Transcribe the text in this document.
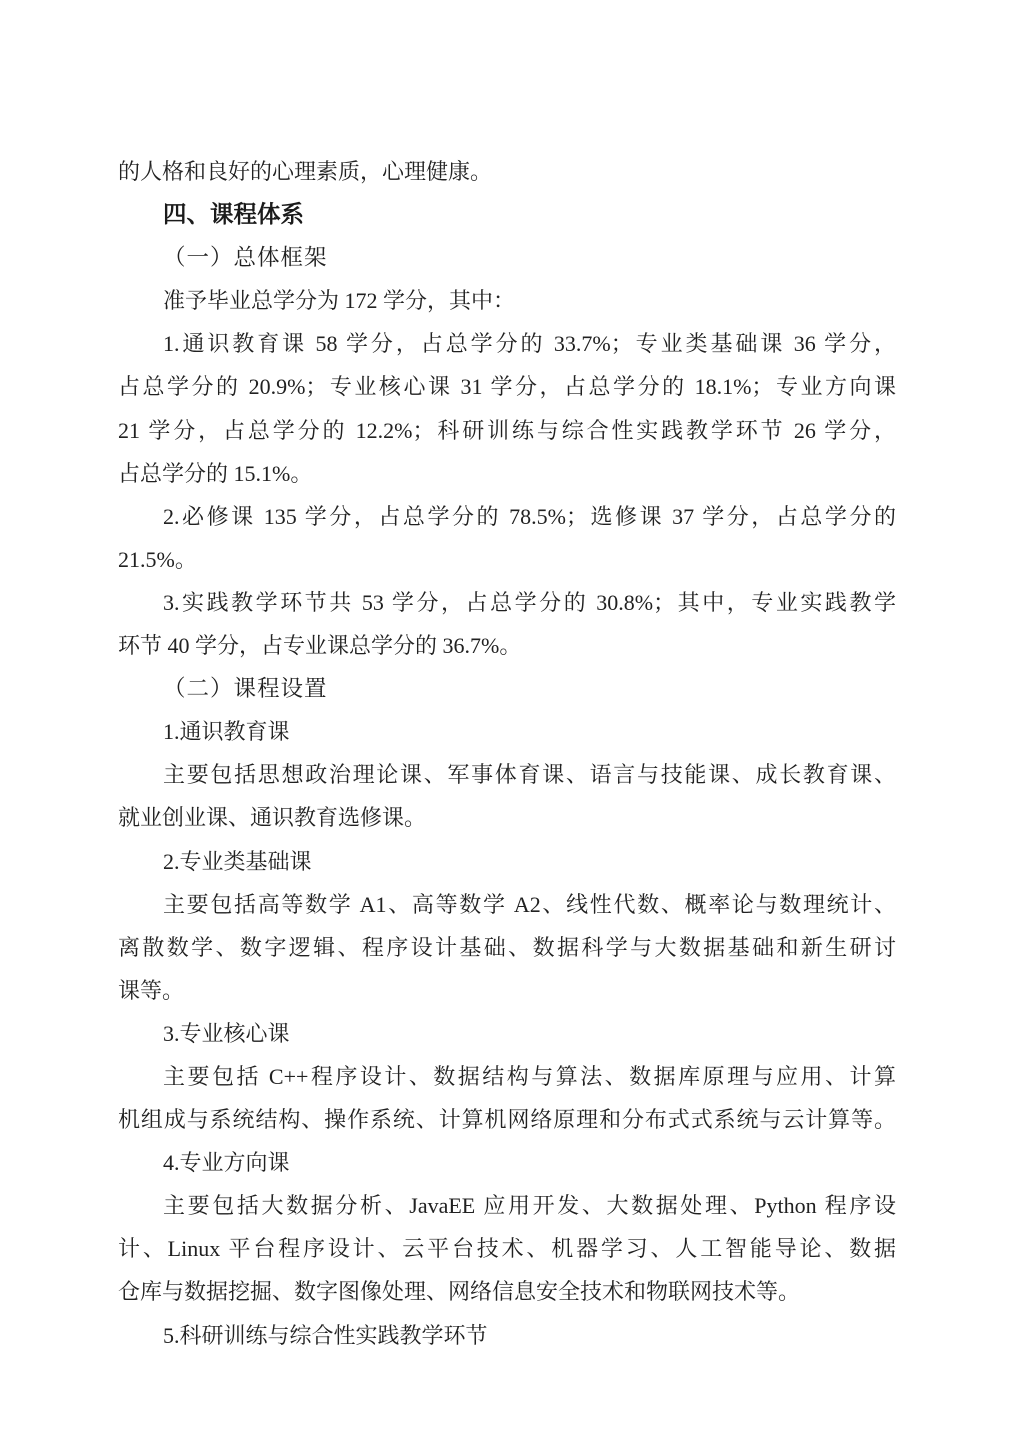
的人格和良好的心理素质，心理健康。
四、课程体系
（一）总体框架
准予毕业总学分为 172 学分，其中：
1.通识教育课 58 学分，占总学分的 33.7%；专业类基础课 36 学分，
占总学分的 20.9%；专业核心课 31 学分，占总学分的 18.1%；专业方向课
21 学分，占总学分的 12.2%；科研训练与综合性实践教学环节 26 学分，
占总学分的 15.1%。
2.必修课 135 学分，占总学分的 78.5%；选修课 37 学分，占总学分的
21.5%。
3.实践教学环节共 53 学分，占总学分的 30.8%；其中，专业实践教学
环节 40 学分，占专业课总学分的 36.7%。
（二）课程设置
1.通识教育课
主要包括思想政治理论课、军事体育课、语言与技能课、成长教育课、
就业创业课、通识教育选修课。
2.专业类基础课
主要包括高等数学 A1、高等数学 A2、线性代数、概率论与数理统计、
离散数学、数字逻辑、程序设计基础、数据科学与大数据基础和新生研讨
课等。
3.专业核心课
主要包括 C++程序设计、数据结构与算法、数据库原理与应用、计算
机组成与系统结构、操作系统、计算机网络原理和分布式式系统与云计算等。
4.专业方向课
主要包括大数据分析、JavaEE 应用开发、大数据处理、Python 程序设
计、Linux 平台程序设计、云平台技术、机器学习、人工智能导论、数据
仓库与数据挖掘、数字图像处理、网络信息安全技术和物联网技术等。
5.科研训练与综合性实践教学环节
